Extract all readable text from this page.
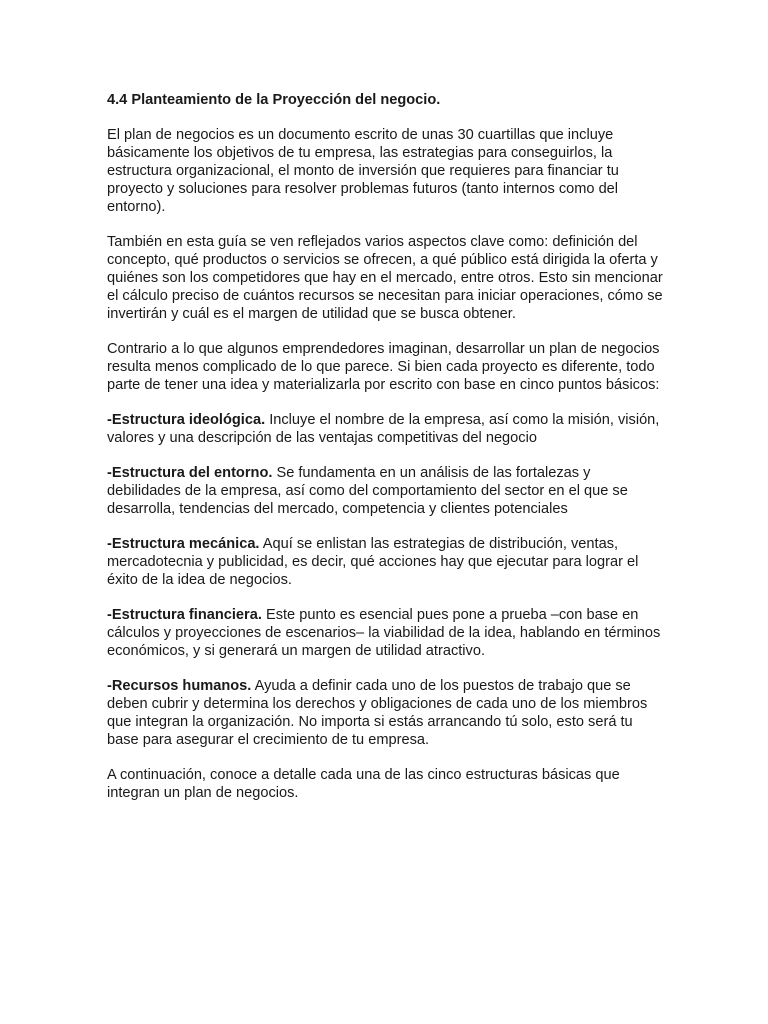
4.4 Planteamiento de la Proyección del negocio.

El plan de negocios es un documento escrito de unas 30 cuartillas que incluye básicamente los objetivos de tu empresa, las estrategias para conseguirlos, la estructura organizacional, el monto de inversión que requieres para financiar tu proyecto y soluciones para resolver problemas futuros (tanto internos como del entorno).

También en esta guía se ven reflejados varios aspectos clave como: definición del concepto, qué productos o servicios se ofrecen, a qué público está dirigida la oferta y quiénes son los competidores que hay en el mercado, entre otros. Esto sin mencionar el cálculo preciso de cuántos recursos se necesitan para iniciar operaciones, cómo se invertirán y cuál es el margen de utilidad que se busca obtener.

Contrario a lo que algunos emprendedores imaginan, desarrollar un plan de negocios resulta menos complicado de lo que parece. Si bien cada proyecto es diferente, todo parte de tener una idea y materializarla por escrito con base en cinco puntos básicos:

-Estructura ideológica. Incluye el nombre de la empresa, así como la misión, visión, valores y una descripción de las ventajas competitivas del negocio

-Estructura del entorno. Se fundamenta en un análisis de las fortalezas y debilidades de la empresa, así como del comportamiento del sector en el que se desarrolla, tendencias del mercado, competencia y clientes potenciales

-Estructura mecánica. Aquí se enlistan las estrategias de distribución, ventas, mercadotecnia y publicidad, es decir, qué acciones hay que ejecutar para lograr el éxito de la idea de negocios.

-Estructura financiera. Este punto es esencial pues pone a prueba –con base en cálculos y proyecciones de escenarios– la viabilidad de la idea, hablando en términos económicos, y si generará un margen de utilidad atractivo.

-Recursos humanos. Ayuda a definir cada uno de los puestos de trabajo que se deben cubrir y determina los derechos y obligaciones de cada uno de los miembros que integran la organización. No importa si estás arrancando tú solo, esto será tu base para asegurar el crecimiento de tu empresa.

A continuación, conoce a detalle cada una de las cinco estructuras básicas que integran un plan de negocios.
